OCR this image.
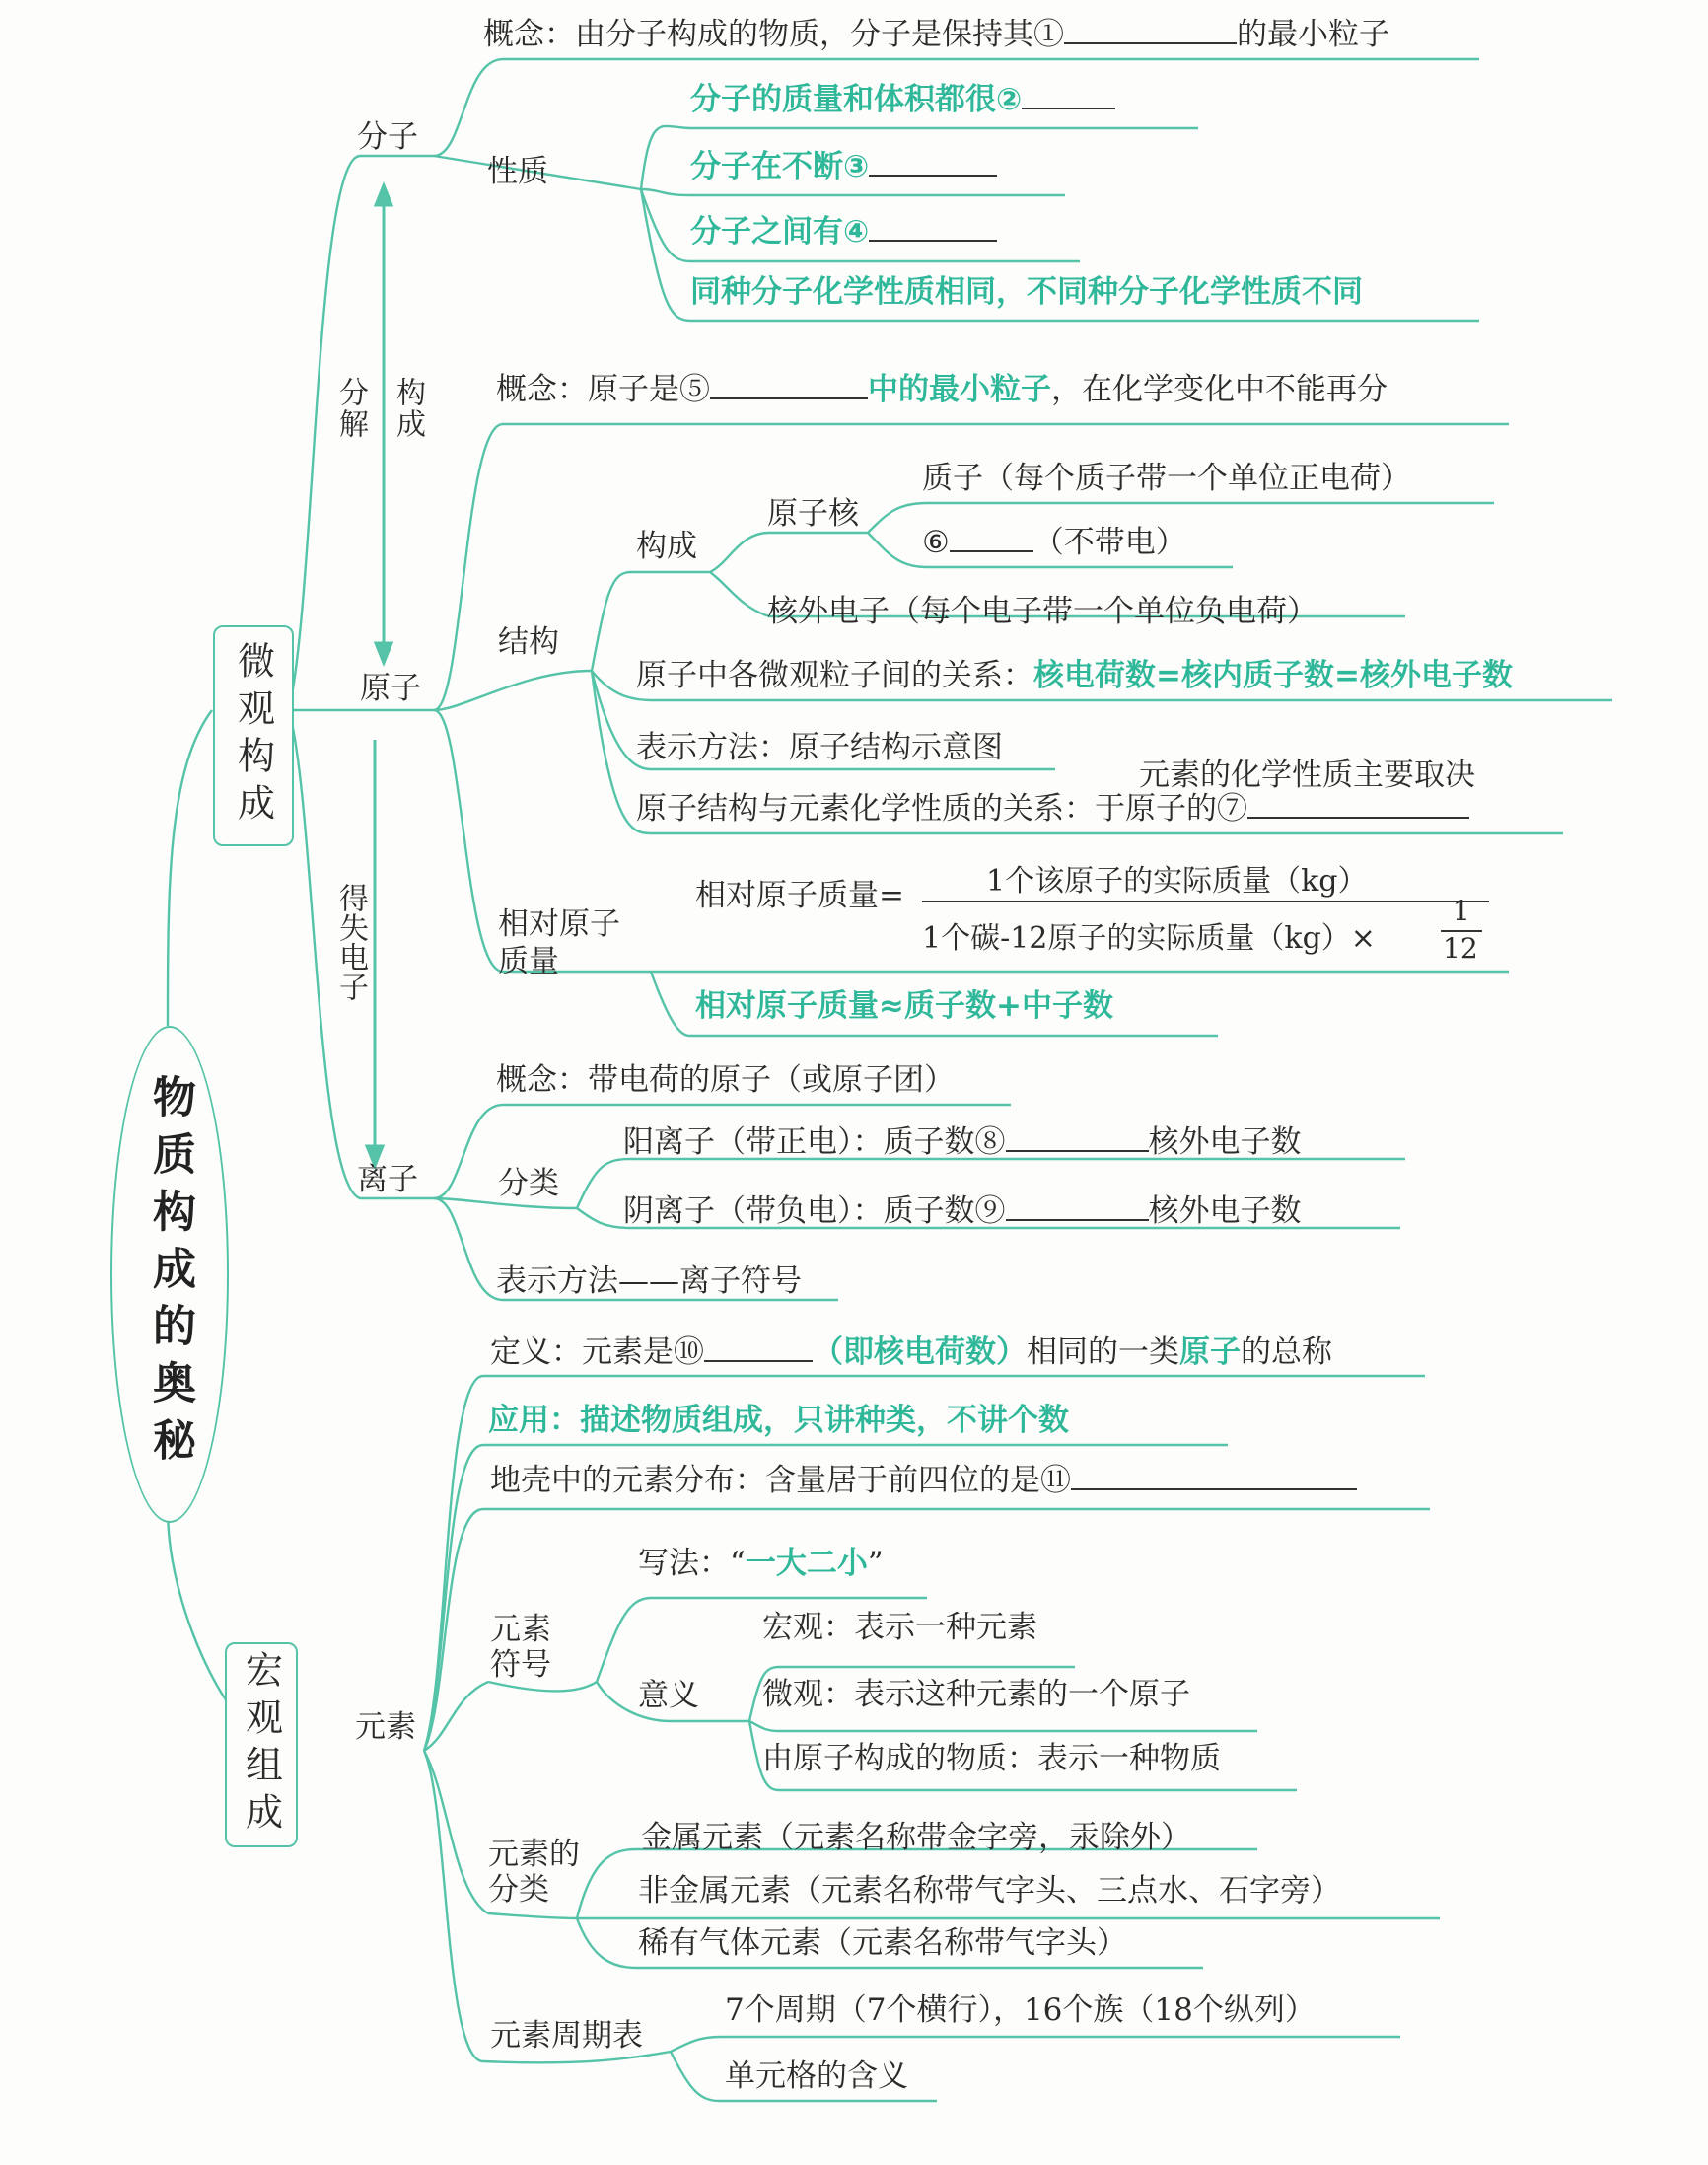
物质构成的奥秘
微观构成
宏观组成
分子
概念：由分子构成的物质，分子是保持其①	的最小粒子
性质
分子的质量和体积都很②
分子在不断③
分子之间有④
同种分子化学性质相同，不同种分子化学性质不同
构成
分解
得失电子
原子
概念：原子是⑤	中的最小粒子，在化学变化中不能再分
结构
构成
原子核
质子（每个质子带一个单位正电荷）
⑥	（不带电）
核外电子（每个电子带一个单位负电荷）
原子中各微观粒子间的关系：核电荷数=核内质子数=核外电子数
表示方法：原子结构示意图
元素的化学性质主要取决
原子结构与元素化学性质的关系：于原子的⑦
相对原子质量
相对原子质量=	1个该原子的实际质量（kg）
1个碳-12原子的实际质量（kg）×
1
12
相对原子质量≈质子数+中子数
离子
概念：带电荷的原子（或原子团）
分类
阳离子（带正电）：质子数⑧	核外电子数
阴离子（带负电）：质子数⑨	核外电子数
表示方法——离子符号
元素
定义：元素是⑩	（即核电荷数）相同的一类原子的总称
应用：描述物质组成，只讲种类，不讲个数
地壳中的元素分布：含量居于前四位的是⑪
元素符号
写法：“一大二小”
意义
宏观：表示一种元素
微观：表示这种元素的一个原子
由原子构成的物质：表示一种物质
元素的分类
金属元素（元素名称带金字旁，汞除外）
非金属元素（元素名称带气字头、三点水、石字旁）
稀有气体元素（元素名称带气字头）
元素周期表
7个周期（7个横行），16个族（18个纵列）
单元格的含义
